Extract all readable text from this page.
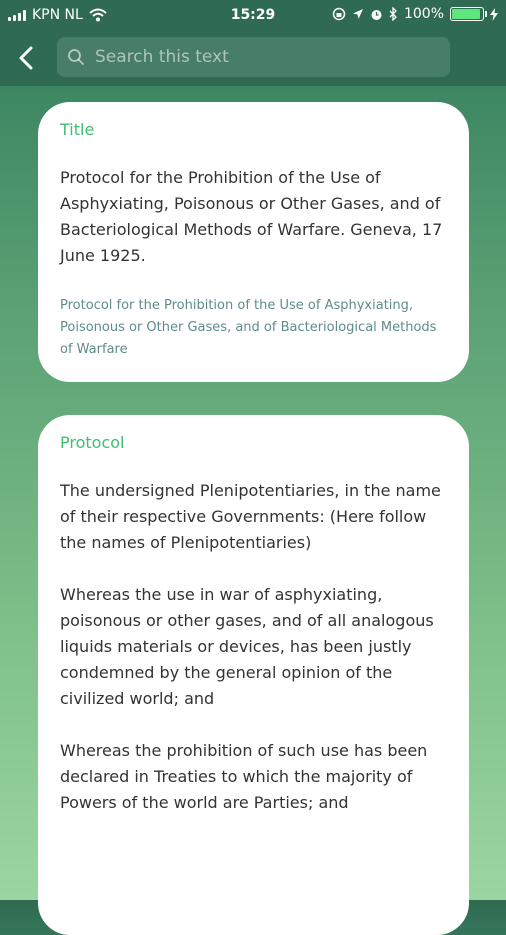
KPN NL	15:29	100%
Search this text
Title
Protocol for the Prohibition of the Use of Asphyxiating, Poisonous or Other Gases, and of Bacteriological Methods of Warfare. Geneva, 17 June 1925.
Protocol for the Prohibition of the Use of Asphyxiating, Poisonous or Other Gases, and of Bacteriological Methods of Warfare
Protocol

The undersigned Plenipotentiaries, in the name of their respective Governments: (Here follow the names of Plenipotentiaries)

Whereas the use in war of asphyxiating, poisonous or other gases, and of all analogous liquids materials or devices, has been justly condemned by the general opinion of the civilized world; and

Whereas the prohibition of such use has been declared in Treaties to which the majority of Powers of the world are Parties; and
